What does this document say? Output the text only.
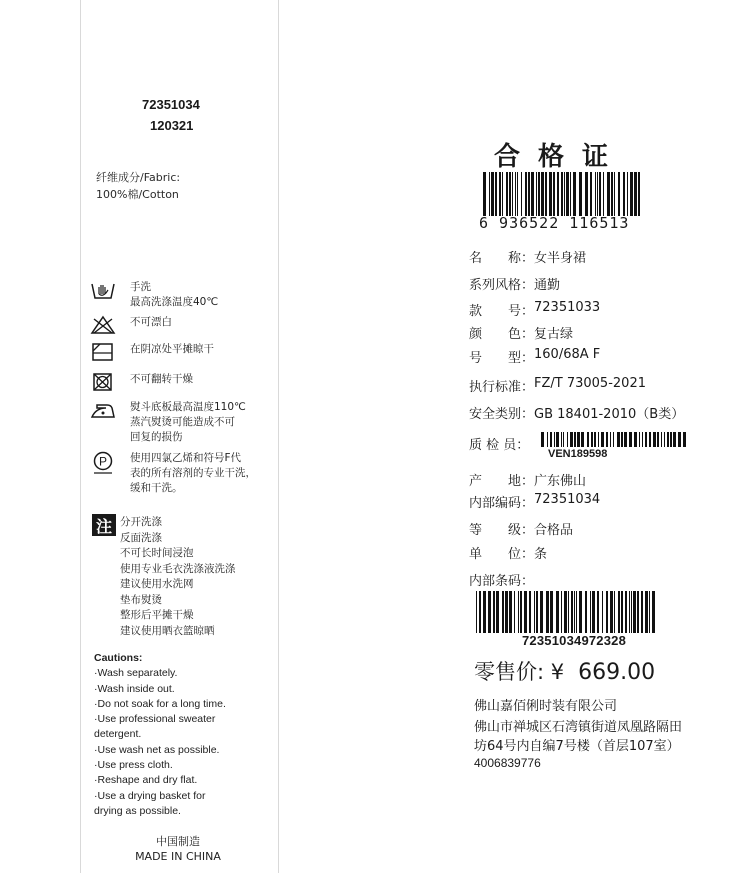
72351034
120321
纤维成分/Fabric:
100%棉/Cotton
手洗
最高洗涤温度40℃
不可漂白
在阴凉处平摊晾干
不可翻转干燥
熨斗底板最高温度110℃
蒸汽熨烫可能造成不可
回复的损伤
P 使用四氯乙烯和符号F代
表的所有溶剂的专业干洗，
缓和干洗。
注 分开洗涤
反面洗涤
不可长时间浸泡
使用专业毛衣洗涤液洗涤
建议使用水洗网
垫布熨烫
整形后平摊干燥
建议使用晒衣篮晾晒
Cautions:
·Wash separately.
·Wash inside out.
·Do not soak for a long time.
·Use professional sweater
detergent.
·Use wash net as possible.
·Use press cloth.
·Reshape and dry flat.
·Use a drying basket for
drying as possible.
中国制造
MADE IN CHINA
合格证
6 936522 116513
名　　称： 女半身裙
系列风格： 通勤
款　　号： 72351033
颜　　色： 复古绿
号　　型： 160/68A F
执行标准： FZ/T 73005-2021
安全类别： GB 18401-2010（B类）
质 检 员：
产　　地： 广东佛山
内部编码： 72351034
等　　级： 合格品
单　　位： 条
内部条码：
VEN189598
72351034972328
零售价: ¥ 669.00
佛山嘉佰俐时装有限公司
佛山市禅城区石湾镇街道凤凰路隔田坊64号内自编7号楼（首层107室）
4006839776
